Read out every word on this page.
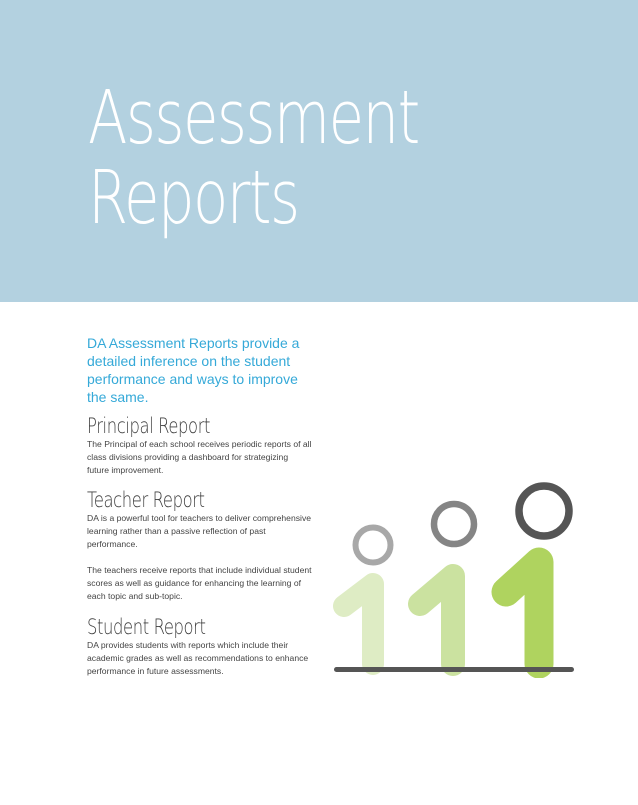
Assessment
Reports

DA Assessment Reports provide a detailed inference on the student performance and ways to improve the same.

Principal Report

The Principal of each school receives periodic reports of all class divisions providing a dashboard for strategizing future improvement.

Teacher Report

DA is a powerful tool for teachers to deliver comprehensive learning rather than a passive reflection of past performance.

The teachers receive reports that include individual student scores as well as guidance for enhancing the learning of each topic and sub-topic.

Student Report

DA provides students with reports which include their academic grades as well as recommendations to enhance performance in future assessments.
